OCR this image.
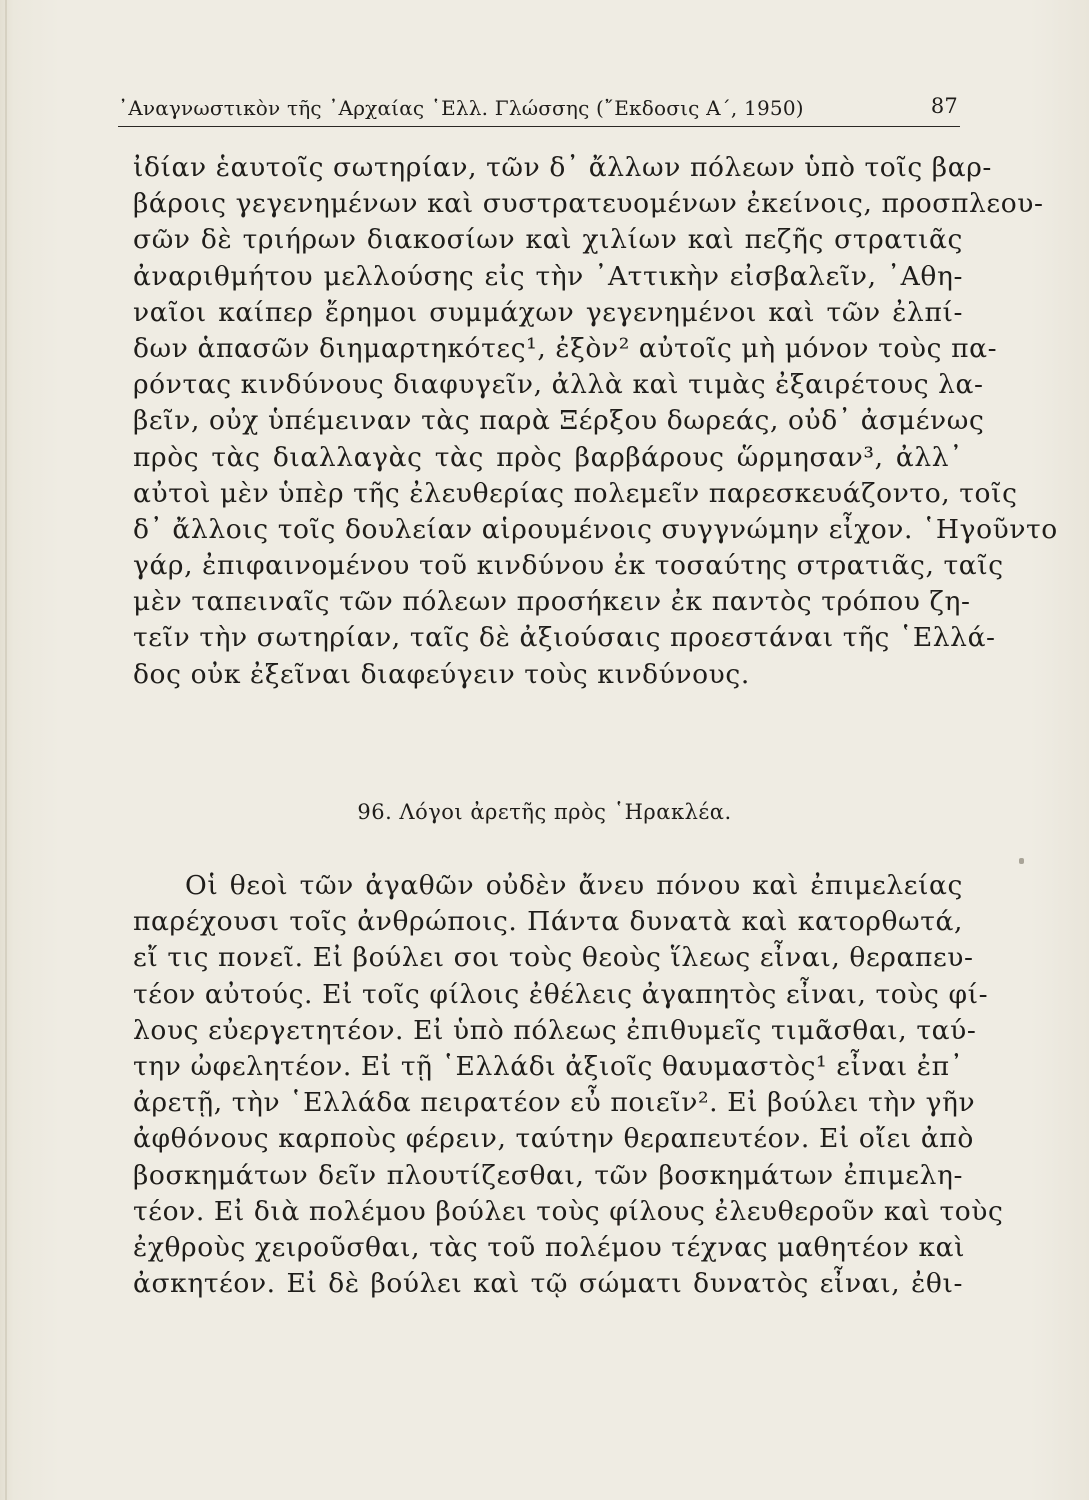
᾿Αναγνωστικὸν τῆς ᾿Αρχαίας ῾Ελλ. Γλώσσης (῎Εκδοσις Α΄, 1950)	87
ἰδίαν ἑαυτοῖς σωτηρίαν, τῶν δ᾿ ἄλλων πόλεων ὑπὸ τοῖς βαρ-
βάροις γεγενημένων καὶ συστρατευομένων ἐκείνοις, προσπλεου-
σῶν δὲ τριήρων διακοσίων καὶ χιλίων καὶ πεζῆς στρατιᾶς
ἀναριθμήτου μελλούσης εἰς τὴν ᾿Αττικὴν εἰσβαλεῖν, ᾿Αθη-
ναῖοι καίπερ ἔρημοι συμμάχων γεγενημένοι καὶ τῶν ἐλπί-
δων ἁπασῶν διημαρτηκότες¹, ἐξὸν² αὐτοῖς μὴ μόνον τοὺς πα-
ρόντας κινδύνους διαφυγεῖν, ἀλλὰ καὶ τιμὰς ἐξαιρέτους λα-
βεῖν, οὐχ ὑπέμειναν τὰς παρὰ Ξέρξου δωρεάς, οὐδ᾿ ἀσμένως
πρὸς τὰς διαλλαγὰς τὰς πρὸς βαρβάρους ὥρμησαν³, ἀλλ᾿
αὐτοὶ μὲν ὑπὲρ τῆς ἐλευθερίας πολεμεῖν παρεσκευάζοντο, τοῖς
δ᾿ ἄλλοις τοῖς δουλείαν αἱρουμένοις συγγνώμην εἶχον. ῾Ηγοῦντο
γάρ, ἐπιφαινομένου τοῦ κινδύνου ἐκ τοσαύτης στρατιᾶς, ταῖς
μὲν ταπειναῖς τῶν πόλεων προσήκειν ἐκ παντὸς τρόπου ζη-
τεῖν τὴν σωτηρίαν, ταῖς δὲ ἀξιούσαις προεστάναι τῆς ῾Ελλά-
δος οὐκ ἐξεῖναι διαφεύγειν τοὺς κινδύνους.
96. Λόγοι ἀρετῆς πρὸς ῾Ηρακλέα.
Οἱ θεοὶ τῶν ἀγαθῶν οὐδὲν ἄνευ πόνου καὶ ἐπιμελείας
παρέχουσι τοῖς ἀνθρώποις. Πάντα δυνατὰ καὶ κατορθωτά,
εἴ τις πονεῖ. Εἰ βούλει σοι τοὺς θεοὺς ἵλεως εἶναι, θεραπευ-
τέον αὐτούς. Εἰ τοῖς φίλοις ἐθέλεις ἀγαπητὸς εἶναι, τοὺς φί-
λους εὐεργετητέον. Εἰ ὑπὸ πόλεως ἐπιθυμεῖς τιμᾶσθαι, ταύ-
την ὠφελητέον. Εἰ τῇ ῾Ελλάδι ἀξιοῖς θαυμαστὸς¹ εἶναι ἐπ᾿
ἀρετῇ, τὴν ῾Ελλάδα πειρατέον εὖ ποιεῖν². Εἰ βούλει τὴν γῆν
ἀφθόνους καρποὺς φέρειν, ταύτην θεραπευτέον. Εἰ οἴει ἀπὸ
βοσκημάτων δεῖν πλουτίζεσθαι, τῶν βοσκημάτων ἐπιμελη-
τέον. Εἰ διὰ πολέμου βούλει τοὺς φίλους ἐλευθεροῦν καὶ τοὺς
ἐχθροὺς χειροῦσθαι, τὰς τοῦ πολέμου τέχνας μαθητέον καὶ
ἀσκητέον. Εἰ δὲ βούλει καὶ τῷ σώματι δυνατὸς εἶναι, ἐθι-
